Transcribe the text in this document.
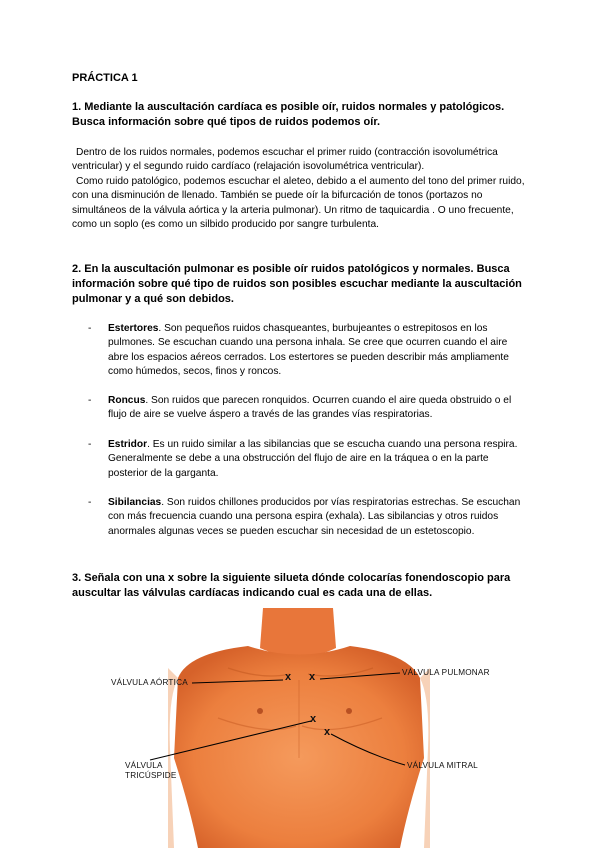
PRÁCTICA 1
1. Mediante la auscultación cardíaca es posible oír, ruidos normales y patológicos. Busca información sobre qué tipos de ruidos podemos oír.

Dentro de los ruidos normales, podemos escuchar el primer ruido (contracción isovolumétrica ventricular) y el segundo ruido cardíaco (relajación isovolumétrica ventricular).

Como ruido patológico, podemos escuchar el aleteo, debido a el aumento del tono del primer ruido, con una disminución de llenado. También se puede oír la bifurcación de tonos (portazos no simultáneos de la válvula aórtica y la arteria pulmonar). Un ritmo de taquicardia . O uno frecuente, como un soplo (es como un silbido producido por sangre turbulenta.

2. En la auscultación pulmonar es posible oír ruidos patológicos y normales. Busca información sobre qué tipo de ruidos son posibles escuchar mediante la auscultación pulmonar y a qué son debidos.
- Estertores. Son pequeños ruidos chasqueantes, burbujeantes o estrepitosos en los pulmones. Se escuchan cuando una persona inhala. Se cree que ocurren cuando el aire abre los espacios aéreos cerrados. Los estertores se pueden describir más ampliamente como húmedos, secos, finos y roncos.
- Roncus. Son ruidos que parecen ronquidos. Ocurren cuando el aire queda obstruido o el flujo de aire se vuelve áspero a través de las grandes vías respiratorias.
- Estridor. Es un ruido similar a las sibilancias que se escucha cuando una persona respira. Generalmente se debe a una obstrucción del flujo de aire en la tráquea o en la parte posterior de la garganta.
- Sibilancias. Son ruidos chillones producidos por vías respiratorias estrechas. Se escuchan con más frecuencia cuando una persona espira (exhala). Las sibilancias y otros ruidos anormales algunas veces se pueden escuchar sin necesidad de un estetoscopio.
3. Señala con una x sobre la siguiente silueta dónde colocarías fonendoscopio para auscultar las válvulas cardíacas indicando cual es cada una de ellas.
x x
x
x
VÁLVULA AÓRTICA
VÁLVULA PULMONAR
VÁLVULA
TRICÚSPIDE
VÁLVULA MITRAL
